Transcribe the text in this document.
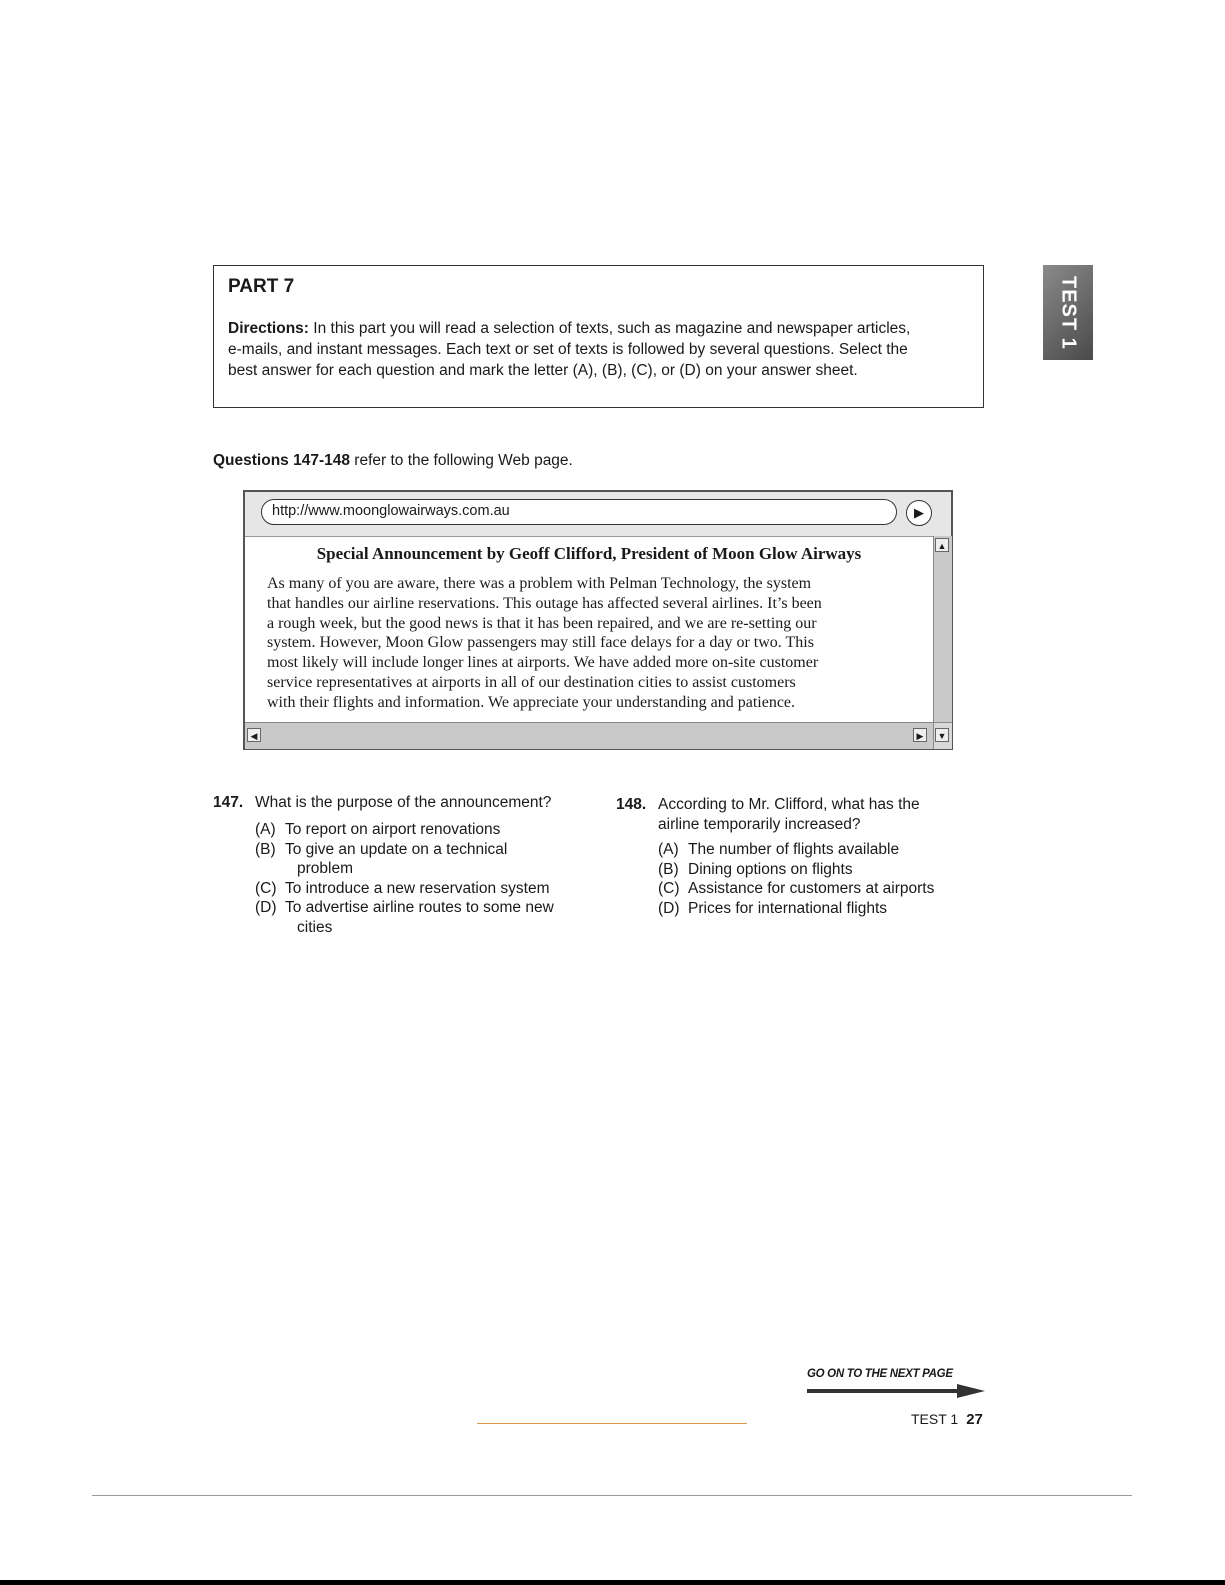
TEST 1

PART 7

Directions: In this part you will read a selection of texts, such as magazine and newspaper articles,
e-mails, and instant messages. Each text or set of texts is followed by several questions. Select the
best answer for each question and mark the letter (A), (B), (C), or (D) on your answer sheet.

Questions 147-148 refer to the following Web page.
http://www.moonglowairways.com.au	▶
Special Announcement by Geoff Clifford, President of Moon Glow Airways

As many of you are aware, there was a problem with Pelman Technology, the system
that handles our airline reservations. This outage has affected several airlines. It’s been
a rough week, but the good news is that it has been repaired, and we are re-setting our
system. However, Moon Glow passengers may still face delays for a day or two. This
most likely will include longer lines at airports. We have added more on-site customer
service representatives at airports in all of our destination cities to assist customers
with their flights and information. We appreciate your understanding and patience.

▲
◀	▶	▼
147. What is the purpose of the announcement?
(A) To report on airport renovations
(B) To give an update on a technical
problem
(C) To introduce a new reservation system
(D) To advertise airline routes to some new
cities
148. According to Mr. Clifford, what has the
airline temporarily increased?
(A) The number of flights available
(B) Dining options on flights
(C) Assistance for customers at airports
(D) Prices for international flights
GO ON TO THE NEXT PAGE
TEST 1 27
